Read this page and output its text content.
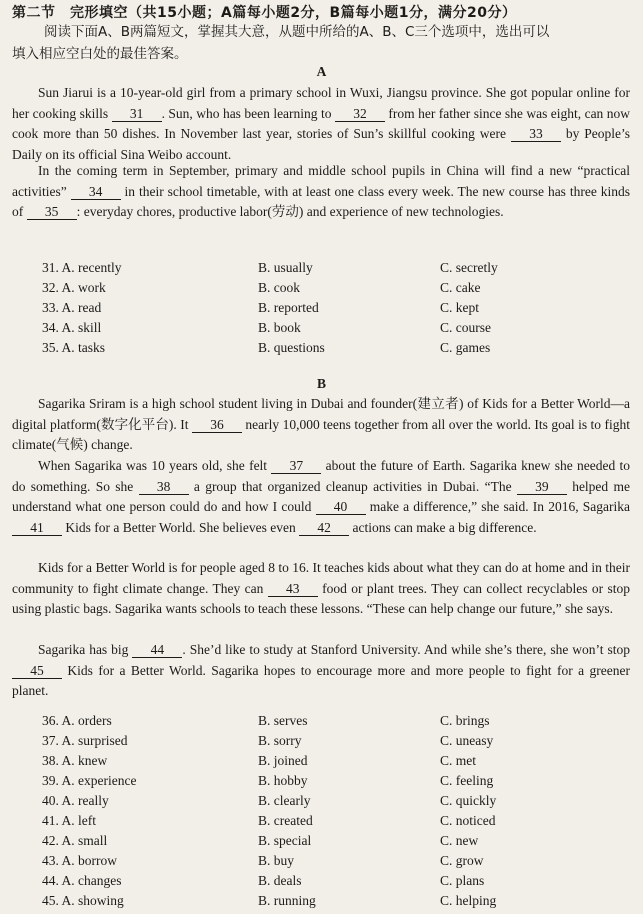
第二节　完形填空（共15小题；A篇每小题2分，B篇每小题1分，满分20分）
阅读下面A、B两篇短文，掌握其大意，从题中所给的A、B、C三个选项中，选出可以
填入相应空白处的最佳答案。
A

Sun Jiarui is a 10-year-old girl from a primary school in Wuxi, Jiangsu province. She got popular online for her cooking skills 31 . Sun, who has been learning to 32 from her father since she was eight, can now cook more than 50 dishes. In November last year, stories of Sun’s skillful cooking were 33 by People’s Daily on its official Sina Weibo account.

In the coming term in September, primary and middle school pupils in China will find a new “practical activities” 34 in their school timetable, with at least one class every week. The new course has three kinds of 35 : everyday chores, productive labor(劳动) and experience of new technologies.

31. A. recently	B. usually	C. secretly
32. A. work	B. cook	C. cake
33. A. read	B. reported	C. kept
34. A. skill	B. book	C. course
35. A. tasks	B. questions	C. games
B

Sagarika Sriram is a high school student living in Dubai and founder(建立者) of Kids for a Better World—a digital platform(数字化平台). It 36 nearly 10,000 teens together from all over the world. Its goal is to fight climate(气候) change.

When Sagarika was 10 years old, she felt 37 about the future of Earth. Sagarika knew she needed to do something. So she 38 a group that organized cleanup activities in Dubai. “The 39 helped me understand what one person could do and how I could 40 make a difference,” she said. In 2016, Sagarika 41 Kids for a Better World. She believes even 42 actions can make a big difference.

Kids for a Better World is for people aged 8 to 16. It teaches kids about what they can do at home and in their community to fight climate change. They can 43 food or plant trees. They can collect recyclables or stop using plastic bags. Sagarika wants schools to teach these lessons. “These can help change our future,” she says.

Sagarika has big 44 . She’d like to study at Stanford University. And while she’s there, she won’t stop 45 Kids for a Better World. Sagarika hopes to encourage more and more people to fight for a greener planet.

36. A. orders	B. serves	C. brings
37. A. surprised	B. sorry	C. uneasy
38. A. knew	B. joined	C. met
39. A. experience	B. hobby	C. feeling
40. A. really	B. clearly	C. quickly
41. A. left	B. created	C. noticed
42. A. small	B. special	C. new
43. A. borrow	B. buy	C. grow
44. A. changes	B. deals	C. plans
45. A. showing	B. running	C. helping
